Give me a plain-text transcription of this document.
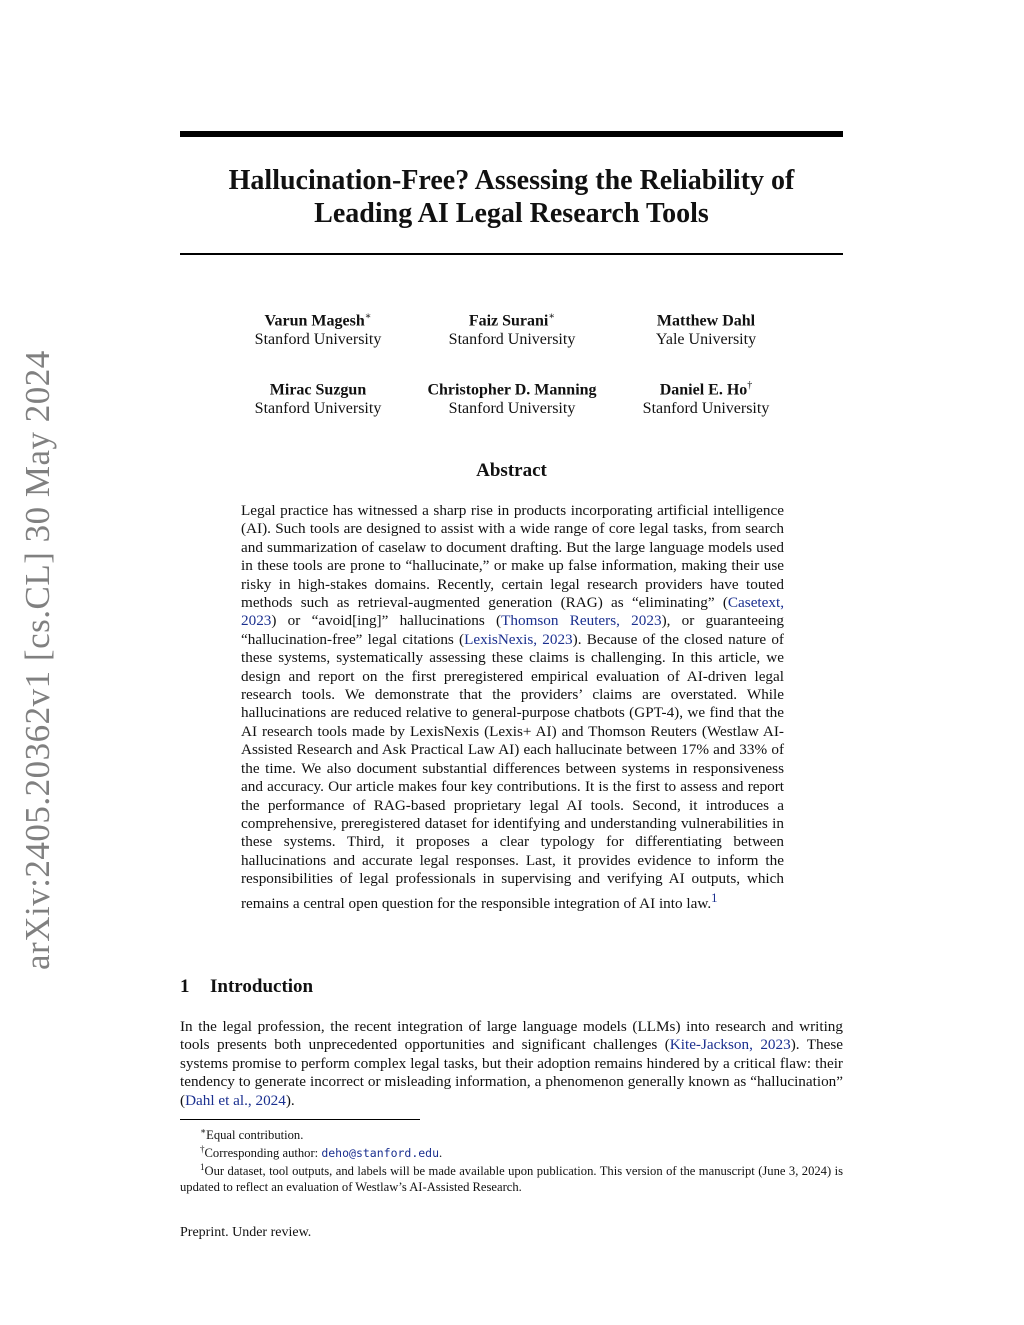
arXiv:2405.20362v1 [cs.CL] 30 May 2024
Hallucination-Free? Assessing the Reliability of
Leading AI Legal Research Tools
Varun Magesh∗
Stanford University
Faiz Surani∗
Stanford University
Matthew Dahl
Yale University
Mirac Suzgun
Stanford University
Christopher D. Manning
Stanford University
Daniel E. Ho†
Stanford University
Abstract

Legal practice has witnessed a sharp rise in products incorporating artificial intelligence (AI). Such tools are designed to assist with a wide range of core legal tasks, from search and summarization of caselaw to document drafting. But the large language models used in these tools are prone to “hallucinate,” or make up false information, making their use risky in high-stakes domains. Recently, certain legal research providers have touted methods such as retrieval-augmented generation (RAG) as “eliminating” (Casetext, 2023) or “avoid[ing]” hallucinations (Thomson Reuters, 2023), or guaranteeing “hallucination-free” legal citations (LexisNexis, 2023). Because of the closed nature of these systems, systematically assessing these claims is challenging. In this article, we design and report on the first preregistered empirical evaluation of AI-driven legal research tools. We demonstrate that the providers’ claims are overstated. While hallucinations are reduced relative to general-purpose chatbots (GPT-4), we find that the AI research tools made by LexisNexis (Lexis+ AI) and Thomson Reuters (Westlaw AI-Assisted Research and Ask Practical Law AI) each hallucinate between 17% and 33% of the time. We also document substantial differences between systems in responsiveness and accuracy. Our article makes four key contributions. It is the first to assess and report the performance of RAG-based proprietary legal AI tools. Second, it introduces a comprehensive, preregistered dataset for identifying and understanding vulnerabilities in these systems. Third, it proposes a clear typology for differentiating between hallucinations and accurate legal responses. Last, it provides evidence to inform the responsibilities of legal professionals in supervising and verifying AI outputs, which remains a central open question for the responsible integration of AI into law.$^1$

1 Introduction

In the legal profession, the recent integration of large language models (LLMs) into research and writing tools presents both unprecedented opportunities and significant challenges (Kite-Jackson, 2023). These systems promise to perform complex legal tasks, but their adoption remains hindered by a critical flaw: their tendency to generate incorrect or misleading information, a phenomenon generally known as “hallucination” (Dahl et al., 2024).

∗Equal contribution.

†Corresponding author: deho@stanford.edu.

$^1$Our dataset, tool outputs, and labels will be made available upon publication. This version of the manuscript (June 3, 2024) is updated to reflect an evaluation of Westlaw’s AI-Assisted Research.

Preprint. Under review.
